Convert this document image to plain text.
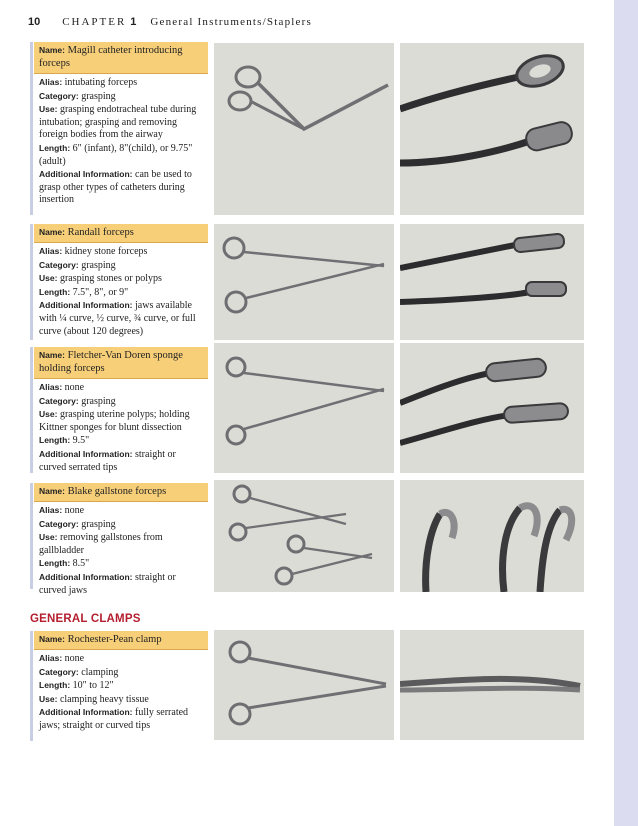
10 CHAPTER 1 General Instruments/Staplers
Name: Magill catheter introducing forceps
Alias: intubating forceps
Category: grasping
Use: grasping endotracheal tube during intubation; grasping and removing foreign bodies from the airway
Length: 6" (infant), 8"(child), or 9.75" (adult)
Additional Information: can be used to grasp other types of catheters during insertion
Name: Randall forceps
Alias: kidney stone forceps
Category: grasping
Use: grasping stones or polyps
Length: 7.5", 8", or 9"
Additional Information: jaws available with ¼ curve, ½ curve, ¾ curve, or full curve (about 120 degrees)
Name: Fletcher-Van Doren sponge holding forceps
Alias: none
Category: grasping
Use: grasping uterine polyps; holding Kittner sponges for blunt dissection
Length: 9.5"
Additional Information: straight or curved serrated tips
Name: Blake gallstone forceps
Alias: none
Category: grasping
Use: removing gallstones from gallbladder
Length: 8.5"
Additional Information: straight or curved jaws
GENERAL CLAMPS
Name: Rochester-Pean clamp
Alias: none
Category: clamping
Length: 10" to 12"
Use: clamping heavy tissue
Additional Information: fully serrated jaws; straight or curved tips
